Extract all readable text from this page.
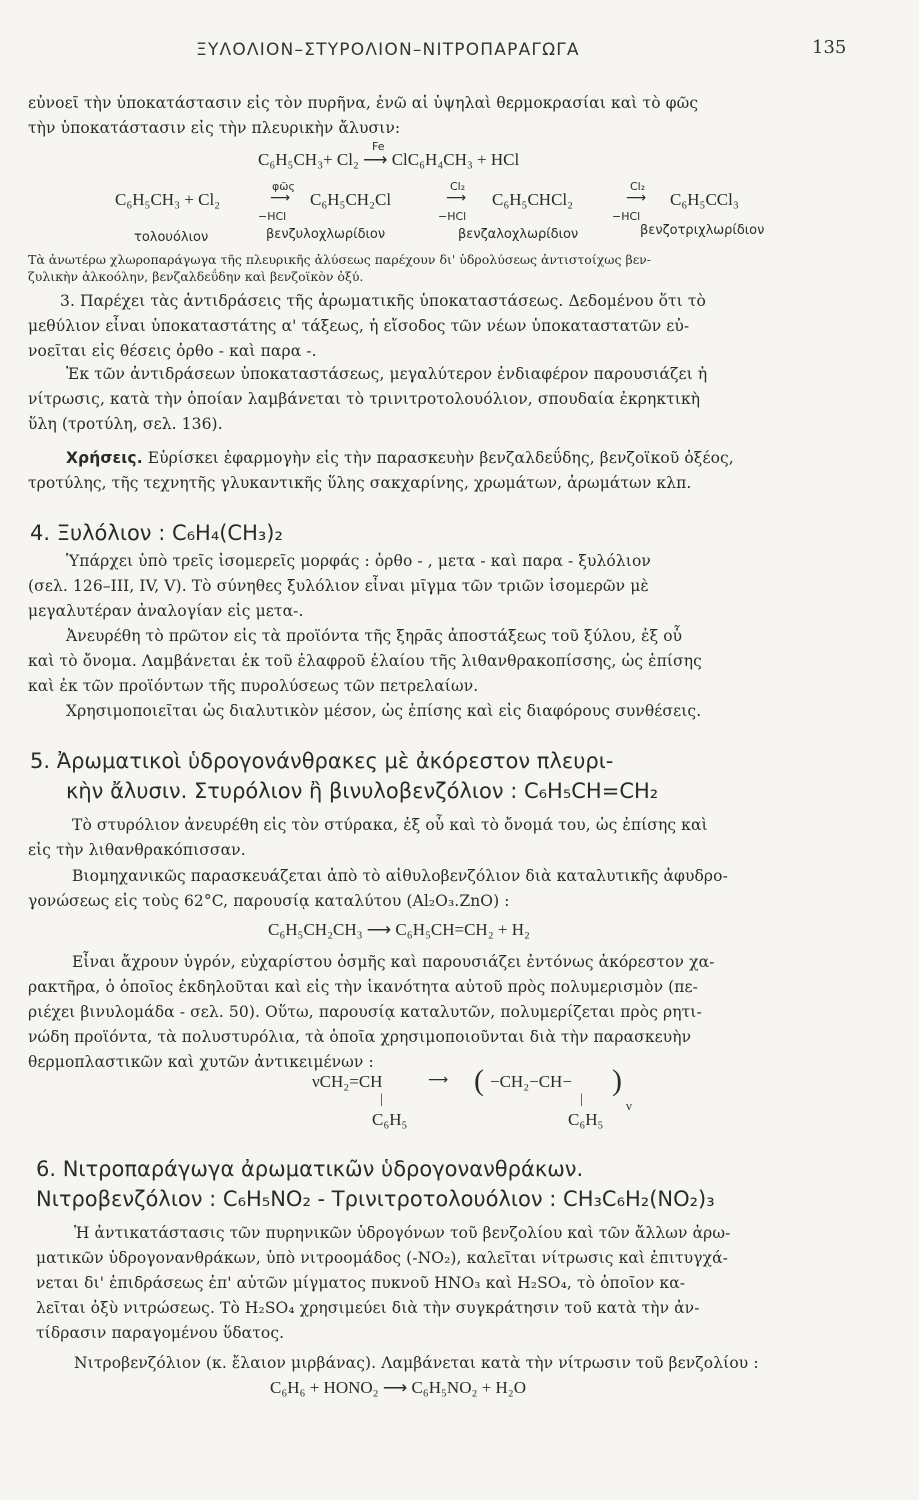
ΞΥΛΟΛΙΟΝ–ΣΤΥΡΟΛΙΟΝ–ΝΙΤΡΟΠΑΡΑΓΩΓΑ	135
εὐνοεῖ τὴν ὑποκατάστασιν εἰς τὸν πυρῆνα, ἐνῶ αἱ ὑψηλαὶ θερμοκρασίαι καὶ τὸ φῶς
τὴν ὑποκατάστασιν εἰς τὴν πλευρικὴν ἄλυσιν:
Fe
C₆H₅CH₃+ Cl₂ ⟶ ClC₆H₄CH₃ + HCl
C₆H₅CH₃ + Cl₂
φῶς
⟶
−HCl
C₆H₅CH₂Cl
Cl₂
⟶
−HCl
C₆H₅CHCl₂
Cl₂
⟶
−HCl
C₆H₅CCl₃
τολουόλιον	βενζυλοχλωρίδιον	βενζαλοχλωρίδιον	βενζοτριχλωρίδιον
Τὰ ἀνωτέρω χλωροπαράγωγα τῆς πλευρικῆς ἀλύσεως παρέχουν δι' ὑδρολύσεως ἀντιστοίχως βεν-
ζυλικὴν ἀλκοόλην, βενζαλδεΰδην καὶ βενζοϊκὸν ὀξύ.
3. Παρέχει τὰς ἀντιδράσεις τῆς ἀρωματικῆς ὑποκαταστάσεως. Δεδομένου ὅτι τὸ
μεθύλιον εἶναι ὑποκαταστάτης α' τάξεως, ἡ εἴσοδος τῶν νέων ὑποκαταστατῶν εὐ-
νοεῖται εἰς θέσεις ὀρθο - καὶ παρα -.
Ἐκ τῶν ἀντιδράσεων ὑποκαταστάσεως, μεγαλύτερον ἐνδιαφέρον παρουσιάζει ἡ
νίτρωσις, κατὰ τὴν ὁποίαν λαμβάνεται τὸ τρινιτροτολουόλιον, σπουδαία ἐκρηκτικὴ
ὕλη (τροτύλη, σελ. 136).
Χρήσεις. Εὑρίσκει ἐφαρμογὴν εἰς τὴν παρασκευὴν βενζαλδεΰδης, βενζοϊκοῦ ὀξέος,
τροτύλης, τῆς τεχνητῆς γλυκαντικῆς ὕλης σακχαρίνης, χρωμάτων, ἀρωμάτων κλπ.
4. Ξυλόλιον : C₆H₄(CH₃)₂
Ὑπάρχει ὑπὸ τρεῖς ἰσομερεῖς μορφάς : ὀρθο - , μετα - καὶ παρα - ξυλόλιον
(σελ. 126–III, IV, V). Τὸ σύνηθες ξυλόλιον εἶναι μῖγμα τῶν τριῶν ἰσομερῶν μὲ
μεγαλυτέραν ἀναλογίαν εἰς μετα-.
Ἀνευρέθη τὸ πρῶτον εἰς τὰ προϊόντα τῆς ξηρᾶς ἀποστάξεως τοῦ ξύλου, ἐξ οὗ
καὶ τὸ ὄνομα. Λαμβάνεται ἐκ τοῦ ἐλαφροῦ ἐλαίου τῆς λιθανθρακοπίσσης, ὡς ἐπίσης
καὶ ἐκ τῶν προϊόντων τῆς πυρολύσεως τῶν πετρελαίων.
Χρησιμοποιεῖται ὡς διαλυτικὸν μέσον, ὡς ἐπίσης καὶ εἰς διαφόρους συνθέσεις.
5. Ἀρωματικοὶ ὑδρογονάνθρακες μὲ ἀκόρεστον πλευρι-
κὴν ἄλυσιν. Στυρόλιον ἢ βινυλοβενζόλιον : C₆H₅CH=CH₂
Τὸ στυρόλιον ἀνευρέθη εἰς τὸν στύρακα, ἐξ οὗ καὶ τὸ ὄνομά του, ὡς ἐπίσης καὶ
εἰς τὴν λιθανθρακόπισσαν.
Βιομηχανικῶς παρασκευάζεται ἀπὸ τὸ αἰθυλοβενζόλιον διὰ καταλυτικῆς ἀφυδρο-
γονώσεως εἰς τοὺς 62°C, παρουσίᾳ καταλύτου (Al₂O₃.ZnO) :
C₆H₅CH₂CH₃ ⟶ C₆H₅CH=CH₂ + H₂
Εἶναι ἄχρουν ὑγρόν, εὐχαρίστου ὀσμῆς καὶ παρουσιάζει ἐντόνως ἀκόρεστον χα-
ρακτῆρα, ὁ ὁποῖος ἐκδηλοῦται καὶ εἰς τὴν ἱκανότητα αὐτοῦ πρὸς πολυμερισμὸν (πε-
ριέχει βινυλομάδα - σελ. 50). Οὕτω, παρουσίᾳ καταλυτῶν, πολυμερίζεται πρὸς ρητι-
νώδη προϊόντα, τὰ πολυστυρόλια, τὰ ὁποῖα χρησιμοποιοῦνται διὰ τὴν παρασκευὴν
θερμοπλαστικῶν καὶ χυτῶν ἀντικειμένων :
νCH₂=CH
|
C₆H₅
⟶ ( −CH₂−CH−
|
C₆H₅
)
ν
6. Νιτροπαράγωγα ἀρωματικῶν ὑδρογονανθράκων.
Νιτροβενζόλιον : C₆H₅NO₂ - Τρινιτροτολουόλιον : CH₃C₆H₂(NO₂)₃
Ἡ ἀντικατάστασις τῶν πυρηνικῶν ὑδρογόνων τοῦ βενζολίου καὶ τῶν ἄλλων ἀρω-
ματικῶν ὑδρογονανθράκων, ὑπὸ νιτροομάδος (-NO₂), καλεῖται νίτρωσις καὶ ἐπιτυγχά-
νεται δι' ἐπιδράσεως ἐπ' αὐτῶν μίγματος πυκνοῦ HNO₃ καὶ H₂SO₄, τὸ ὁποῖον κα-
λεῖται ὀξὺ νιτρώσεως. Τὸ H₂SO₄ χρησιμεύει διὰ τὴν συγκράτησιν τοῦ κατὰ τὴν ἀν-
τίδρασιν παραγομένου ὕδατος.
Νιτροβενζόλιον (κ. ἔλαιον μιρβάνας). Λαμβάνεται κατὰ τὴν νίτρωσιν τοῦ βενζολίου :
C₆H₆ + HONO₂ ⟶ C₆H₅NO₂ + H₂O
